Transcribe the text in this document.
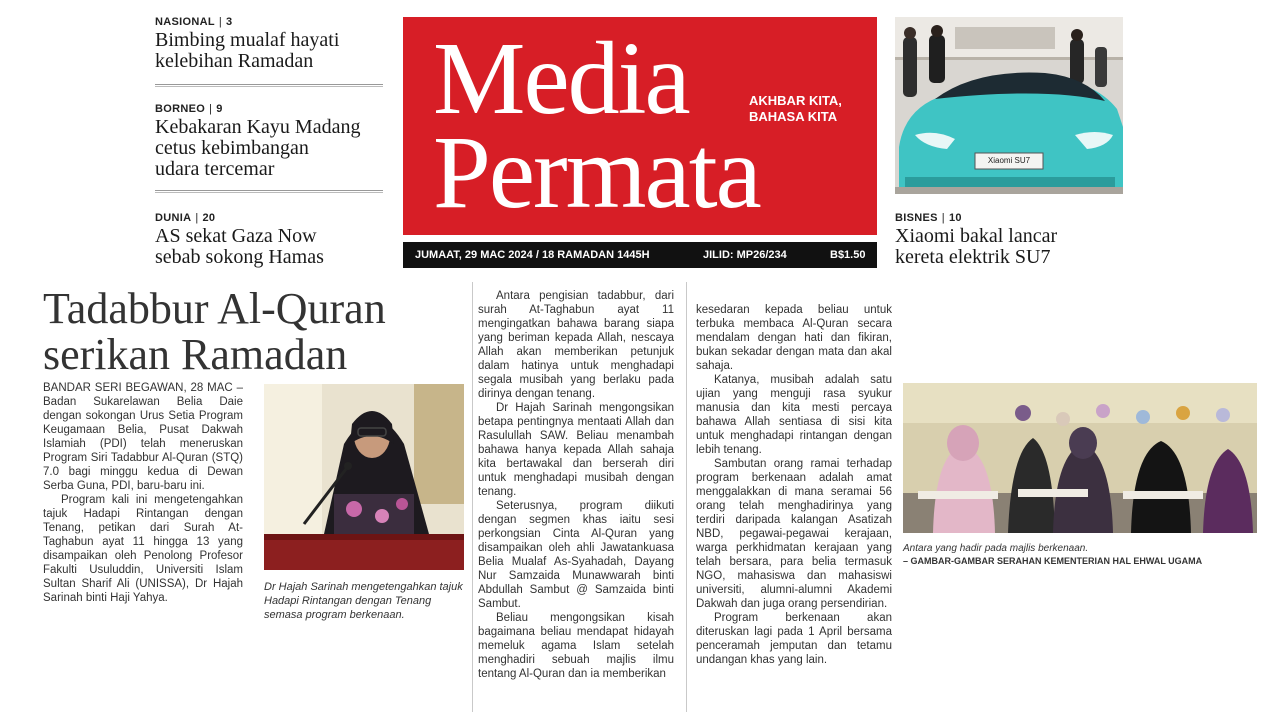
NASIONAL | 3
Bimbing mualaf hayati
kelebihan Ramadan
BORNEO | 9
Kebakaran Kayu Madang
cetus kebimbangan
udara tercemar
DUNIA | 20
AS sekat Gaza Now
sebab sokong Hamas
Media
Permata
AKHBAR KITA,
BAHASA KITA
JUMAAT, 29 MAC 2024 / 18 RAMADAN 1445H	JILID: MP26/234	B$1.50
Xiaomi SU7
BISNES | 10
Xiaomi bakal lancar
kereta elektrik SU7
Tadabbur Al-Quran
serikan Ramadan

BANDAR SERI BEGAWAN, 28 MAC – Badan Sukarelawan Belia Daie dengan sokongan Urus Setia Program Keugamaan Belia, Pusat Dakwah Islamiah (PDI) telah meneruskan Program Siri Tadabbur Al-Quran (STQ) 7.0 bagi minggu kedua di Dewan Serba Guna, PDI, baru-baru ini.

Program kali ini mengetengahkan tajuk Hadapi Rintangan dengan Tenang, petikan dari Surah At-Taghabun ayat 11 hingga 13 yang disampaikan oleh Penolong Profesor Fakulti Usuluddin, Universiti Islam Sultan Sharif Ali (UNISSA), Dr Hajah Sarinah binti Haji Yahya.

Dr Hajah Sarinah mengetengahkan tajuk Hadapi Rintangan dengan Tenang semasa program berkenaan.

Antara pengisian tadabbur, dari surah At-Taghabun ayat 11 mengingatkan bahawa barang siapa yang beriman kepada Allah, nescaya Allah akan memberikan petunjuk dalam hatinya untuk menghadapi segala musibah yang berlaku pada dirinya dengan tenang.

Dr Hajah Sarinah mengongsikan betapa pentingnya mentaati Allah dan Rasulullah SAW. Beliau menambah bahawa hanya kepada Allah sahaja kita bertawakal dan berserah diri untuk menghadapi musibah dengan tenang.

Seterusnya, program diikuti dengan segmen khas iaitu sesi perkongsian Cinta Al-Quran yang disampaikan oleh ahli Jawatankuasa Belia Mualaf As-Syahadah, Dayang Nur Samzaida Munawwarah binti Abdullah Sambut @ Samzaida binti Sambut.

Beliau mengongsikan kisah bagaimana beliau mendapat hidayah memeluk agama Islam setelah menghadiri sebuah majlis ilmu tentang Al-Quran dan ia memberikan

kesedaran kepada beliau untuk terbuka membaca Al-Quran secara mendalam dengan hati dan fikiran, bukan sekadar dengan mata dan akal sahaja.

Katanya, musibah adalah satu ujian yang menguji rasa syukur manusia dan kita mesti percaya bahawa Allah sentiasa di sisi kita untuk menghadapi rintangan dengan lebih tenang.

Sambutan orang ramai terhadap program berkenaan adalah amat menggalakkan di mana seramai 56 orang telah menghadirinya yang terdiri daripada kalangan Asatizah NBD, pegawai-pegawai kerajaan, warga perkhidmatan kerajaan yang telah bersara, para belia termasuk NGO, mahasiswa dan mahasiswi universiti, alumni-alumni Akademi Dakwah dan juga orang persendirian.

Program berkenaan akan diteruskan lagi pada 1 April bersama penceramah jemputan dan tetamu undangan khas yang lain.

Antara yang hadir pada majlis berkenaan.
– GAMBAR-GAMBAR SERAHAN KEMENTERIAN HAL EHWAL UGAMA
